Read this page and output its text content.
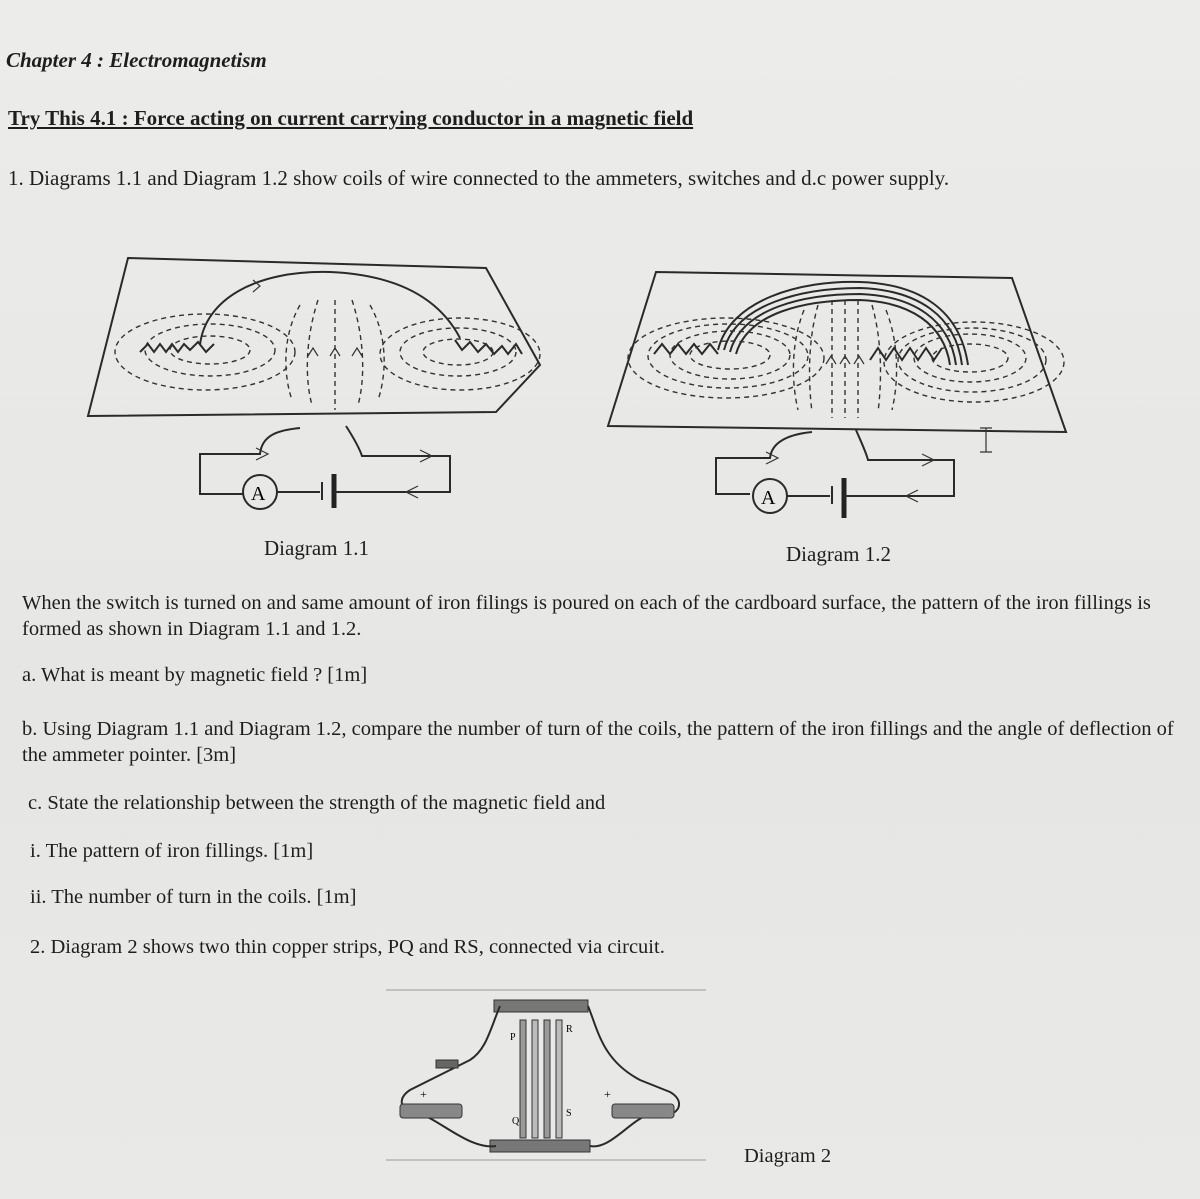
Chapter 4 : Electromagnetism
Try This 4.1 : Force acting on current carrying conductor in a magnetic field
1. Diagrams 1.1 and Diagram 1.2 show coils of wire connected to the ammeters, switches and d.c power supply.
A	A
Diagram 1.1	Diagram 1.2
When the switch is turned on and same amount of iron filings is poured on each of the cardboard surface, the pattern of the iron fillings is formed as shown in Diagram 1.1 and 1.2.
a. What is meant by magnetic field ? [1m]
b. Using Diagram 1.1 and Diagram 1.2, compare the number of turn of the coils, the pattern of the iron fillings and the angle of deflection of the ammeter pointer. [3m]
c. State the relationship between the strength of the magnetic field and
i. The pattern of iron fillings. [1m]
ii. The number of turn in the coils. [1m]
2. Diagram 2 shows two thin copper strips, PQ and RS, connected via circuit.
P
R
Q
S
+	+
Diagram 2
